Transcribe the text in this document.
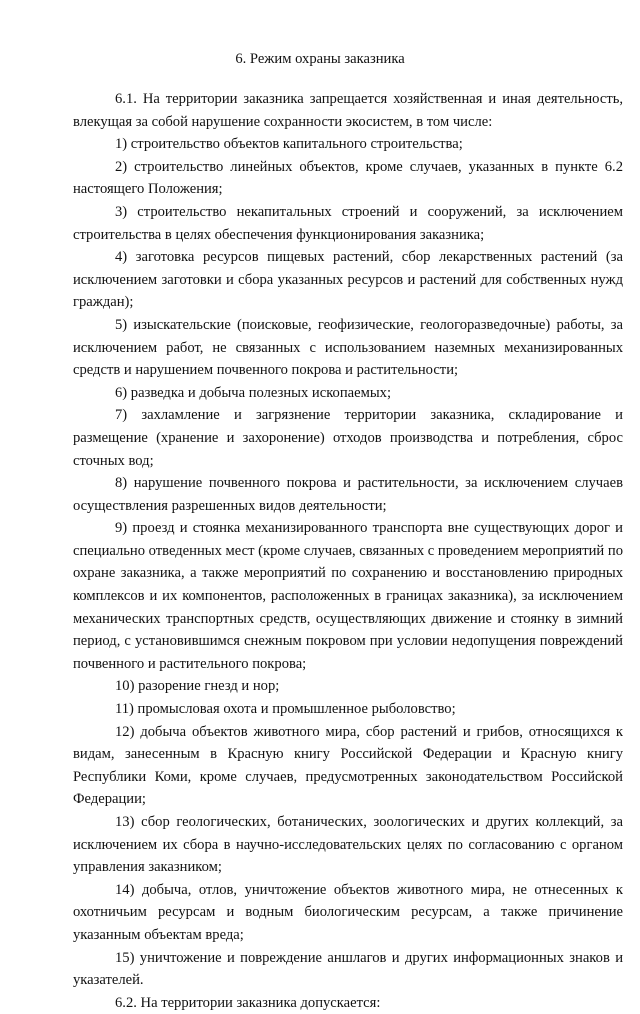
6. Режим охраны заказника

6.1. На территории заказника запрещается хозяйственная и иная деятельность, влекущая за собой нарушение сохранности экосистем, в том числе:

1) строительство объектов капитального строительства;

2) строительство линейных объектов, кроме случаев, указанных в пункте 6.2 настоящего Положения;

3) строительство некапитальных строений и сооружений, за исключением строительства в целях обеспечения функционирования заказника;

4) заготовка ресурсов пищевых растений, сбор лекарственных растений (за исключением заготовки и сбора указанных ресурсов и растений для собственных нужд граждан);

5) изыскательские (поисковые, геофизические, геологоразведочные) работы, за исключением работ, не связанных с использованием наземных механизированных средств и нарушением почвенного покрова и растительности;

6) разведка и добыча полезных ископаемых;

7) захламление и загрязнение территории заказника, складирование и размещение (хранение и захоронение) отходов производства и потребления, сброс сточных вод;

8) нарушение почвенного покрова и растительности, за исключением случаев осуществления разрешенных видов деятельности;

9) проезд и стоянка механизированного транспорта вне существующих дорог и специально отведенных мест (кроме случаев, связанных с проведением мероприятий по охране заказника, а также мероприятий по сохранению и восстановлению природных комплексов и их компонентов, расположенных в границах заказника), за исключением механических транспортных средств, осуществляющих движение и стоянку в зимний период, с установившимся снежным покровом при условии недопущения повреждений почвенного и растительного покрова;

10) разорение гнезд и нор;

11) промысловая охота и промышленное рыболовство;

12) добыча объектов животного мира, сбор растений и грибов, относящихся к видам, занесенным в Красную книгу Российской Федерации и Красную книгу Республики Коми, кроме случаев, предусмотренных законодательством Российской Федерации;

13) сбор геологических, ботанических, зоологических и других коллекций, за исключением их сбора в научно-исследовательских целях по согласованию с органом управления заказником;

14) добыча, отлов, уничтожение объектов животного мира, не отнесенных к охотничьим ресурсам и водным биологическим ресурсам, а также причинение указанным объектам вреда;

15) уничтожение и повреждение аншлагов и других информационных знаков и указателей.

6.2. На территории заказника допускается:
